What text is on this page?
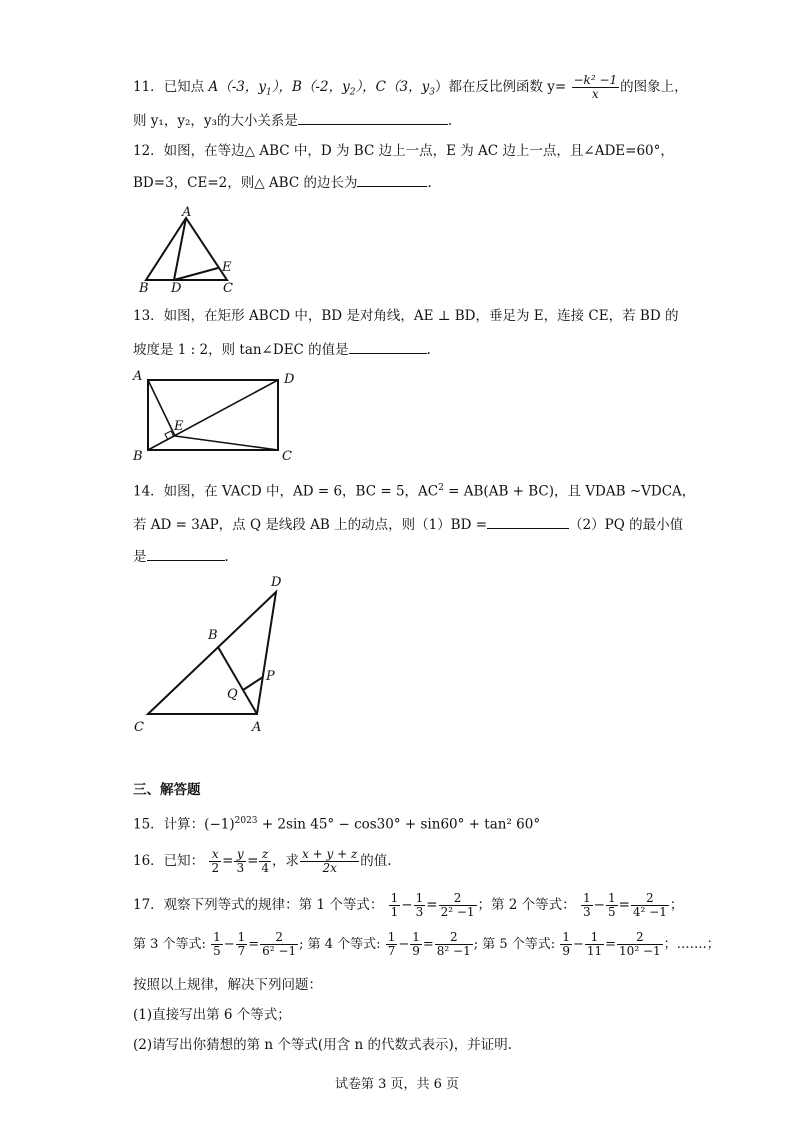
11．已知点 A（-3，$y_1$），B（-2，$y_2$），C（3，$y_3$）都在反比例函数 $y= \frac{\text{−k² −1}}{x}$ 的图象上，
则 y₁，y₂，y₃的大小关系是	.
12．如图，在等边△ ABC 中，D 为 BC 边上一点，E 为 AC 边上一点，且∠ADE=60°，
BD=3，CE=2，则△ ABC 的边长为	.
A
B D	C
E
13．如图，在矩形 ABCD 中，BD 是对角线，AE ⊥ BD，垂足为 E，连接 CE，若 BD 的
坡度是 1 : 2，则 tan∠DEC 的值是	.
A	D
B	C
E
14．如图，在 VACD 中，AD = 6，BC = 5，$AC^2 = AB(AB + BC)$，且 VDAB ~VDCA，
若 AD = 3AP，点 Q 是线段 AB 上的动点，则（1）BD =	（2）PQ 的最小值
是	.
D
B
P
Q
C	A
三、解答题
15．计算：$(-1)^{2023} + 2\sin$ 45° − cos30° + sin60° + tan² 60°
16．已知： $\frac{x}{2} = \frac{y}{3} = \frac{z}{4}$ ，求 $\frac{x + y + z}{2x}$ 的值.
17．观察下列等式的规律：第 1 个等式： $\frac{1}{1} - \frac{1}{3} = \frac{2}{\text{2² −1}}$ ；第 2 个等式： $\frac{1}{3} - \frac{1}{5} = \frac{2}{\text{4² −1}}$ ；
第 3 个等式: $\frac{1}{5} - \frac{1}{7} = \frac{2}{\text{6² −1}}$ ; 第 4 个等式: $\frac{1}{7} - \frac{1}{9} = \frac{2}{\text{8² −1}}$ ; 第 5 个等式: $\frac{1}{9} - \frac{1}{11} = \frac{2}{\text{10² −1}}$ ；…….；
按照以上规律，解决下列问题：
(1)直接写出第 6 个等式；
(2)请写出你猜想的第 n 个等式(用含 n 的代数式表示)，并证明.
试卷第 3 页，共 6 页
